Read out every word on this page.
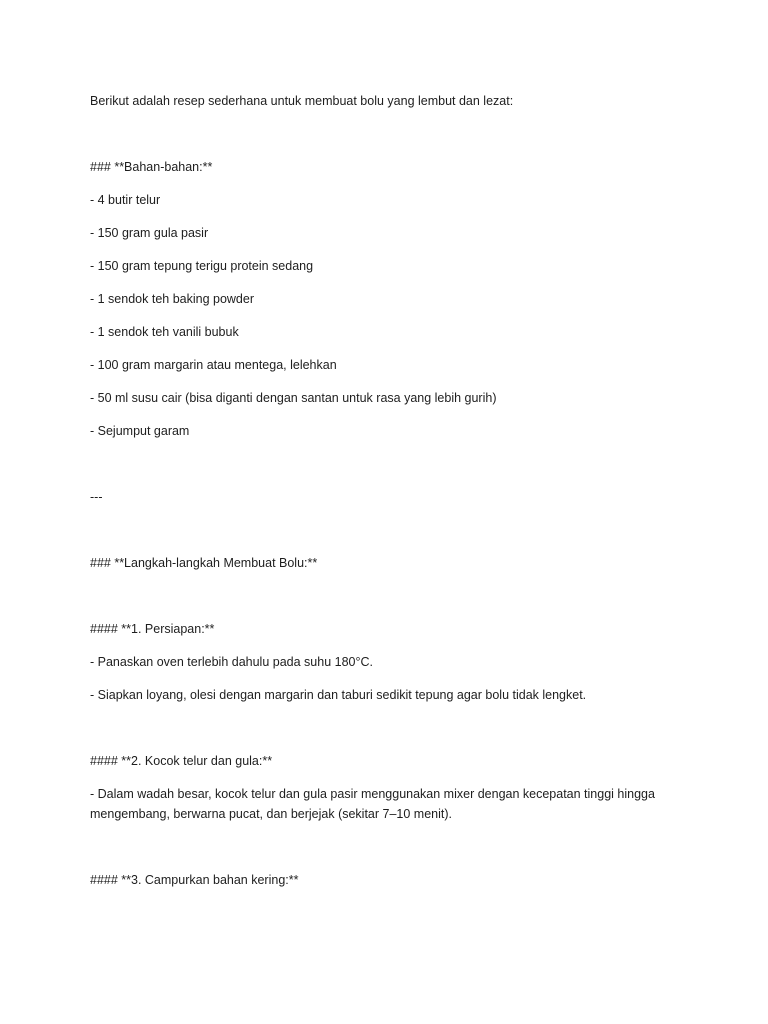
Berikut adalah resep sederhana untuk membuat bolu yang lembut dan lezat:

### **Bahan-bahan:**

- 4 butir telur

- 150 gram gula pasir

- 150 gram tepung terigu protein sedang

- 1 sendok teh baking powder

- 1 sendok teh vanili bubuk

- 100 gram margarin atau mentega, lelehkan

- 50 ml susu cair (bisa diganti dengan santan untuk rasa yang lebih gurih)

- Sejumput garam

---

### **Langkah-langkah Membuat Bolu:**

#### **1. Persiapan:**

- Panaskan oven terlebih dahulu pada suhu 180°C.

- Siapkan loyang, olesi dengan margarin dan taburi sedikit tepung agar bolu tidak lengket.

#### **2. Kocok telur dan gula:**

- Dalam wadah besar, kocok telur dan gula pasir menggunakan mixer dengan kecepatan tinggi hingga
mengembang, berwarna pucat, dan berjejak (sekitar 7–10 menit).

#### **3. Campurkan bahan kering:**
